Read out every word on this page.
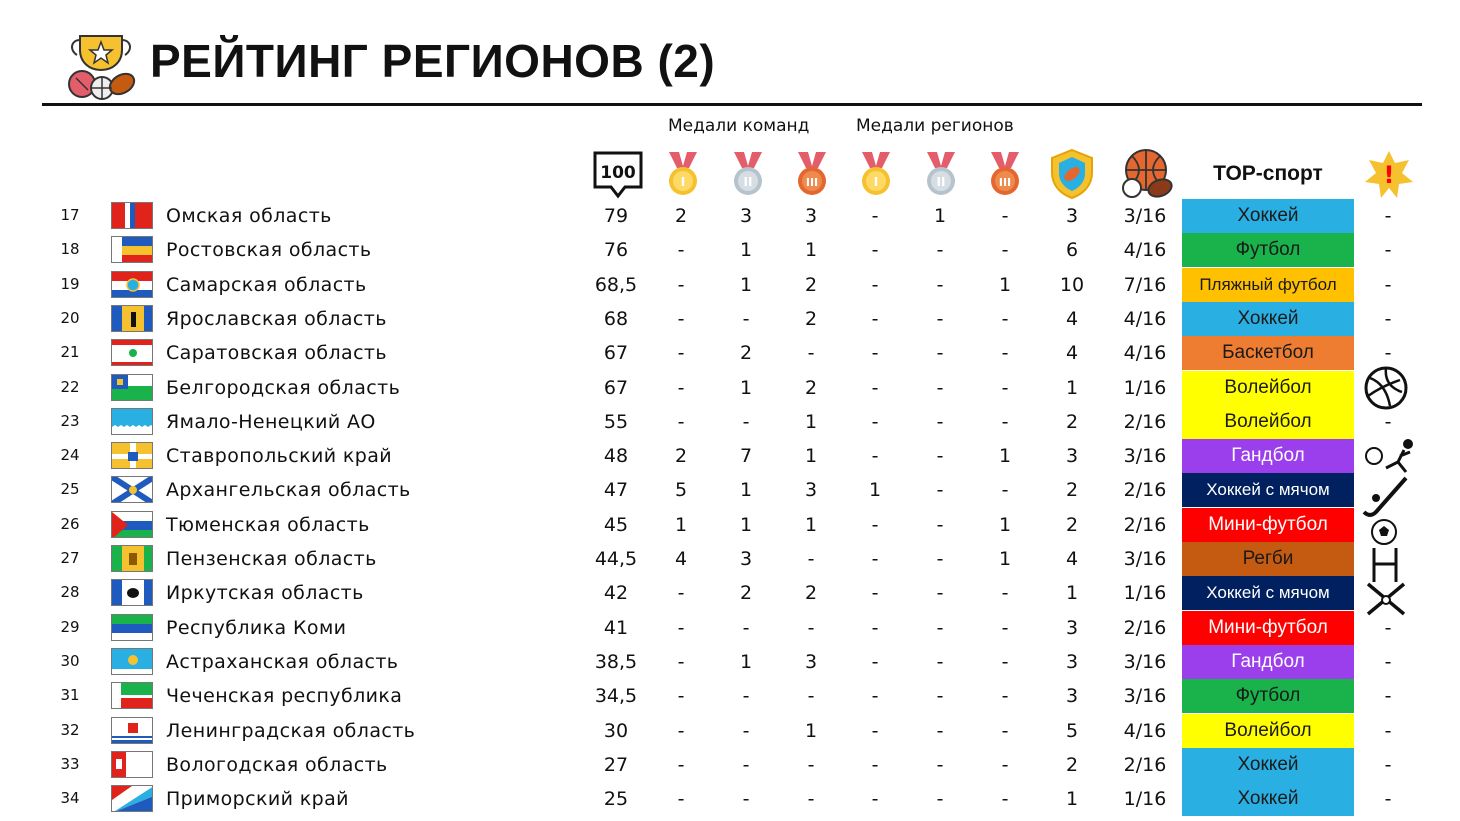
РЕЙТИНГ РЕГИОНОВ (2)
Медали команд	Медали регионов
100	I	II	III	I	II	III	ТОР-спорт	!
17	Омская область	79	2	3	3	-	1	-	3	3/16	Хоккей	-
18	Ростовская область	76	-	1	1	-	-	-	6	4/16	Футбол	-
19	Самарская область	68,5	-	1	2	-	-	1	10	7/16	Пляжный футбол	-
20	Ярославская область	68	-	-	2	-	-	-	4	4/16	Хоккей	-
21	Саратовская область	67	-	2	-	-	-	-	4	4/16	Баскетбол	-
22	Белгородская область	67	-	1	2	-	-	-	1	1/16	Волейбол
23	Ямало-Ненецкий АО	55	-	-	1	-	-	-	2	2/16	Волейбол	-
24	Ставропольский край	48	2	7	1	-	-	1	3	3/16	Гандбол
25	Архангельская область	47	5	1	3	1	-	-	2	2/16	Хоккей с мячом
26	Тюменская область	45	1	1	1	-	-	1	2	2/16	Мини-футбол
27	Пензенская область	44,5	4	3	-	-	-	1	4	3/16	Регби
28	Иркутская область	42	-	2	2	-	-	-	1	1/16	Хоккей с мячом
29	Республика Коми	41	-	-	-	-	-	-	3	2/16	Мини-футбол	-
30	Астраханская область	38,5	-	1	3	-	-	-	3	3/16	Гандбол	-
31	Чеченская республика	34,5	-	-	-	-	-	-	3	3/16	Футбол	-
32	Ленинградская область	30	-	-	1	-	-	-	5	4/16	Волейбол	-
33	Вологодская область	27	-	-	-	-	-	-	2	2/16	Хоккей	-
34	Приморский край	25	-	-	-	-	-	-	1	1/16	Хоккей	-
